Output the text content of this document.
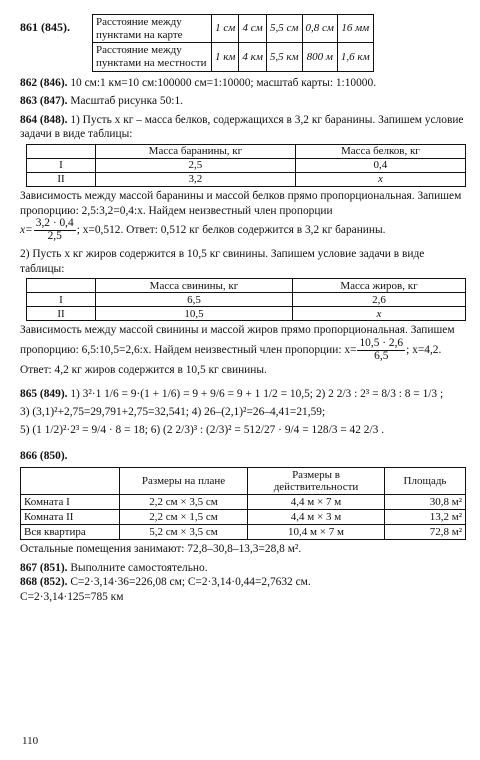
861 (845).	Расстояние между пунктами на карте	1 см	4 см	5,5 см	0,8 см	16 мм
Расстояние между пунктами на местности	1 км	4 км	5,5 км	800 м	1,6 км

862 (846). 10 см:1 км=10 см:100000 см=1:10000; масштаб карты: 1:10000.

863 (847). Масштаб рисунка 50:1.

864 (848). 1) Пусть x кг – масса белков, содержащихся в 3,2 кг баранины. Запишем условие задачи в виде таблицы:

	Масса баранины, кг	Масса белков, кг
I	2,5	0,4
II	3,2	x

Зависимость между массой баранины и массой белков прямо пропорциональная. Запишем пропорцию: 2,5:3,2=0,4:x. Найдем неизвестный член пропорции

$x= \frac{3,2 \cdot 0,4}{2,5}$ ; x=0,512. Ответ: 0,512 кг белков содержится в 3,2 кг баранины.

2) Пусть x кг жиров содержится в 10,5 кг свинины. Запишем условие задачи в виде таблицы:

	Масса свинины, кг	Масса жиров, кг
I	6,5	2,6
II	10,5	x

Зависимость между массой свинины и массой жиров прямо пропорциональная. Запишем пропорцию: 6,5:10,5=2,6:x. Найдем неизвестный член пропорции: $x= \frac{10,5 \cdot 2,6}{6,5}$ ; x=4,2. Ответ: 4,2 кг жиров содержится в 10,5 кг свинины.

865 (849). 1) 3²·1 1/6 = 9·(1 + 1/6) = 9 + 9/6 = 9 + 1 1/2 = 10,5; 2) 2 2/3 : 2³ = 8/3 : 8 = 1/3 ;

3) (3,1)²+2,75=29,791+2,75=32,541; 4) 26–(2,1)²=26–4,41=21,59;

5) (1 1/2)²·2³ = 9/4 · 8 = 18; 6) (2 2/3)³ : (2/3)² = 512/27 · 9/4 = 128/3 = 42 2/3 .

866 (850).

	Размеры на плане	Размеры в действительности	Площадь
Комната I	2,2 см × 3,5 см	4,4 м × 7 м	30,8 м²
Комната II	2,2 см × 1,5 см	4,4 м × 3 м	13,2 м²
Вся квартира	5,2 см × 3,5 см	10,4 м × 7 м	72,8 м²

Остальные помещения занимают: 72,8–30,8–13,3=28,8 м².

867 (851). Выполните самостоятельно.

868 (852). C=2·3,14·36=226,08 см; C=2·3,14·0,44=2,7632 см.

C=2·3,14·125=785 км

110
